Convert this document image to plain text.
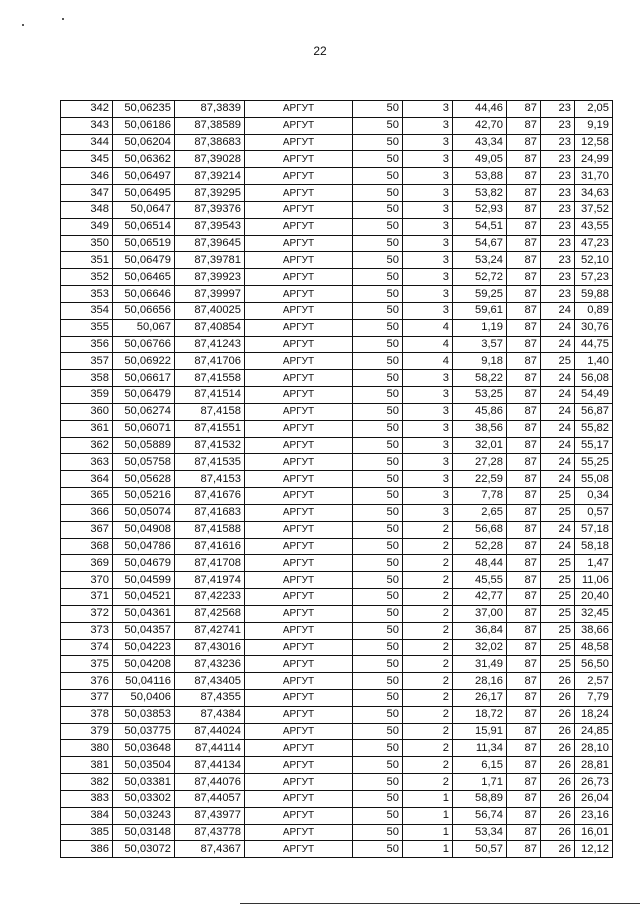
22
342	50,06235	87,3839	АРГУТ	50	3	44,46	87	23	2,05
343	50,06186	87,38589	АРГУТ	50	3	42,70	87	23	9,19
344	50,06204	87,38683	АРГУТ	50	3	43,34	87	23	12,58
345	50,06362	87,39028	АРГУТ	50	3	49,05	87	23	24,99
346	50,06497	87,39214	АРГУТ	50	3	53,88	87	23	31,70
347	50,06495	87,39295	АРГУТ	50	3	53,82	87	23	34,63
348	50,0647	87,39376	АРГУТ	50	3	52,93	87	23	37,52
349	50,06514	87,39543	АРГУТ	50	3	54,51	87	23	43,55
350	50,06519	87,39645	АРГУТ	50	3	54,67	87	23	47,23
351	50,06479	87,39781	АРГУТ	50	3	53,24	87	23	52,10
352	50,06465	87,39923	АРГУТ	50	3	52,72	87	23	57,23
353	50,06646	87,39997	АРГУТ	50	3	59,25	87	23	59,88
354	50,06656	87,40025	АРГУТ	50	3	59,61	87	24	0,89
355	50,067	87,40854	АРГУТ	50	4	1,19	87	24	30,76
356	50,06766	87,41243	АРГУТ	50	4	3,57	87	24	44,75
357	50,06922	87,41706	АРГУТ	50	4	9,18	87	25	1,40
358	50,06617	87,41558	АРГУТ	50	3	58,22	87	24	56,08
359	50,06479	87,41514	АРГУТ	50	3	53,25	87	24	54,49
360	50,06274	87,4158	АРГУТ	50	3	45,86	87	24	56,87
361	50,06071	87,41551	АРГУТ	50	3	38,56	87	24	55,82
362	50,05889	87,41532	АРГУТ	50	3	32,01	87	24	55,17
363	50,05758	87,41535	АРГУТ	50	3	27,28	87	24	55,25
364	50,05628	87,4153	АРГУТ	50	3	22,59	87	24	55,08
365	50,05216	87,41676	АРГУТ	50	3	7,78	87	25	0,34
366	50,05074	87,41683	АРГУТ	50	3	2,65	87	25	0,57
367	50,04908	87,41588	АРГУТ	50	2	56,68	87	24	57,18
368	50,04786	87,41616	АРГУТ	50	2	52,28	87	24	58,18
369	50,04679	87,41708	АРГУТ	50	2	48,44	87	25	1,47
370	50,04599	87,41974	АРГУТ	50	2	45,55	87	25	11,06
371	50,04521	87,42233	АРГУТ	50	2	42,77	87	25	20,40
372	50,04361	87,42568	АРГУТ	50	2	37,00	87	25	32,45
373	50,04357	87,42741	АРГУТ	50	2	36,84	87	25	38,66
374	50,04223	87,43016	АРГУТ	50	2	32,02	87	25	48,58
375	50,04208	87,43236	АРГУТ	50	2	31,49	87	25	56,50
376	50,04116	87,43405	АРГУТ	50	2	28,16	87	26	2,57
377	50,0406	87,4355	АРГУТ	50	2	26,17	87	26	7,79
378	50,03853	87,4384	АРГУТ	50	2	18,72	87	26	18,24
379	50,03775	87,44024	АРГУТ	50	2	15,91	87	26	24,85
380	50,03648	87,44114	АРГУТ	50	2	11,34	87	26	28,10
381	50,03504	87,44134	АРГУТ	50	2	6,15	87	26	28,81
382	50,03381	87,44076	АРГУТ	50	2	1,71	87	26	26,73
383	50,03302	87,44057	АРГУТ	50	1	58,89	87	26	26,04
384	50,03243	87,43977	АРГУТ	50	1	56,74	87	26	23,16
385	50,03148	87,43778	АРГУТ	50	1	53,34	87	26	16,01
386	50,03072	87,4367	АРГУТ	50	1	50,57	87	26	12,12
